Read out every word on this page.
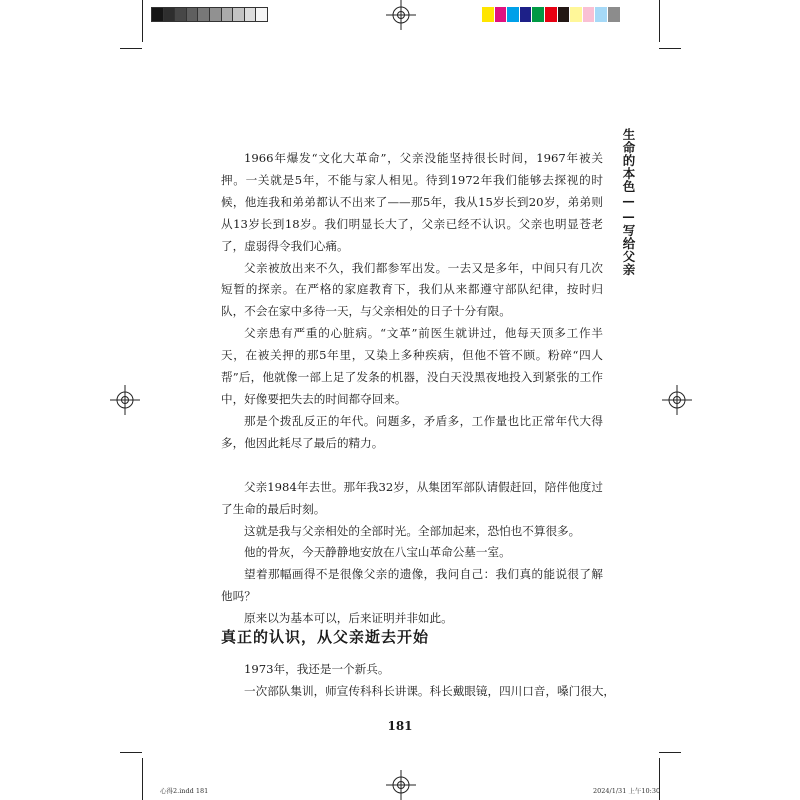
生命的本色——写给父亲

1966年爆发“文化大革命”，父亲没能坚持很长时间，1967年被关押。一关就是5年，不能与家人相见。待到1972年我们能够去探视的时候，他连我和弟弟都认不出来了——那5年，我从15岁长到20岁，弟弟则从13岁长到18岁。我们明显长大了，父亲已经不认识。父亲也明显苍老了，虚弱得令我们心痛。

父亲被放出来不久，我们都参军出发。一去又是多年，中间只有几次短暂的探亲。在严格的家庭教育下，我们从来都遵守部队纪律，按时归队，不会在家中多待一天，与父亲相处的日子十分有限。

父亲患有严重的心脏病。“文革”前医生就讲过，他每天顶多工作半天，在被关押的那5年里，又染上多种疾病，但他不管不顾。粉碎“四人帮”后，他就像一部上足了发条的机器，没白天没黑夜地投入到紧张的工作中，好像要把失去的时间都夺回来。

那是个拨乱反正的年代。问题多，矛盾多，工作量也比正常年代大得多，他因此耗尽了最后的精力。

父亲1984年去世。那年我32岁，从集团军部队请假赶回，陪伴他度过了生命的最后时刻。

这就是我与父亲相处的全部时光。全部加起来，恐怕也不算很多。

他的骨灰，今天静静地安放在八宝山革命公墓一室。

望着那幅画得不是很像父亲的遗像，我问自己：我们真的能说很了解他吗？

原来以为基本可以，后来证明并非如此。

真正的认识，从父亲逝去开始

1973年，我还是一个新兵。

一次部队集训，师宣传科科长讲课。科长戴眼镜，四川口音，嗓门很大，

181
心得2.indd 181	2024/1/31 上午10:30
